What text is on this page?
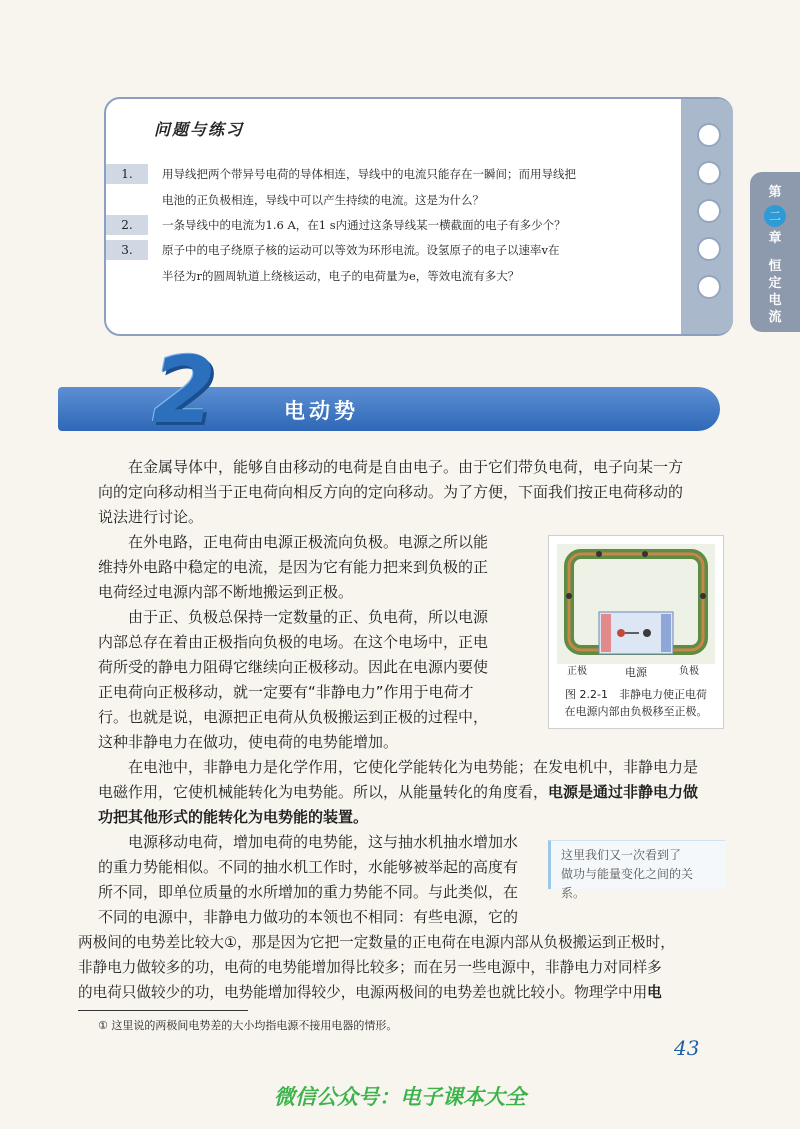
问题与练习
1.	用导线把两个带异号电荷的导体相连，导线中的电流只能存在一瞬间；而用导线把
电池的正负极相连，导线中可以产生持续的电流。这是为什么？
2.	一条导线中的电流为1.6 A，在1 s内通过这条导线某一横截面的电子有多少个？
3.	原子中的电子绕原子核的运动可以等效为环形电流。设氢原子的电子以速率v在
半径为r的圆周轨道上绕核运动，电子的电荷量为e，等效电流有多大？
第
二
章
恒
定
电
流
电动势
2
在金属导体中，能够自由移动的电荷是自由电子。由于它们带负电荷，电子向某一方
向的定向移动相当于正电荷向相反方向的定向移动。为了方便，下面我们按正电荷移动的
说法进行讨论。
在外电路，正电荷由电源正极流向负极。电源之所以能
维持外电路中稳定的电流，是因为它有能力把来到负极的正
电荷经过电源内部不断地搬运到正极。
由于正、负极总保持一定数量的正、负电荷，所以电源
内部总存在着由正极指向负极的电场。在这个电场中，正电
荷所受的静电力阻碍它继续向正极移动。因此在电源内要使
正电荷向正极移动，就一定要有“非静电力”作用于电荷才
行。也就是说，电源把正电荷从负极搬运到正极的过程中，
这种非静电力在做功，使电荷的电势能增加。
正极	负极
电源
图 2.2-1　非静电力使正电荷
在电源内部由负极移至正极。
在电池中，非静电力是化学作用，它使化学能转化为电势能；在发电机中，非静电力是
电磁作用，它使机械能转化为电势能。所以，从能量转化的角度看，电源是通过非静电力做
功把其他形式的能转化为电势能的装置。
电源移动电荷，增加电荷的电势能，这与抽水机抽水增加水
的重力势能相似。不同的抽水机工作时，水能够被举起的高度有
所不同，即单位质量的水所增加的重力势能不同。与此类似，在
不同的电源中，非静电力做功的本领也不相同：有些电源，它的
这里我们又一次看到了
做功与能量变化之间的关
系。
两极间的电势差比较大①，那是因为它把一定数量的正电荷在电源内部从负极搬运到正极时，
非静电力做较多的功，电荷的电势能增加得比较多；而在另一些电源中，非静电力对同样多
的电荷只做较少的功，电势能增加得较少，电源两极间的电势差也就比较小。物理学中用电
① 这里说的两极间电势差的大小均指电源不接用电器的情形。
43
微信公众号：电子课本大全
